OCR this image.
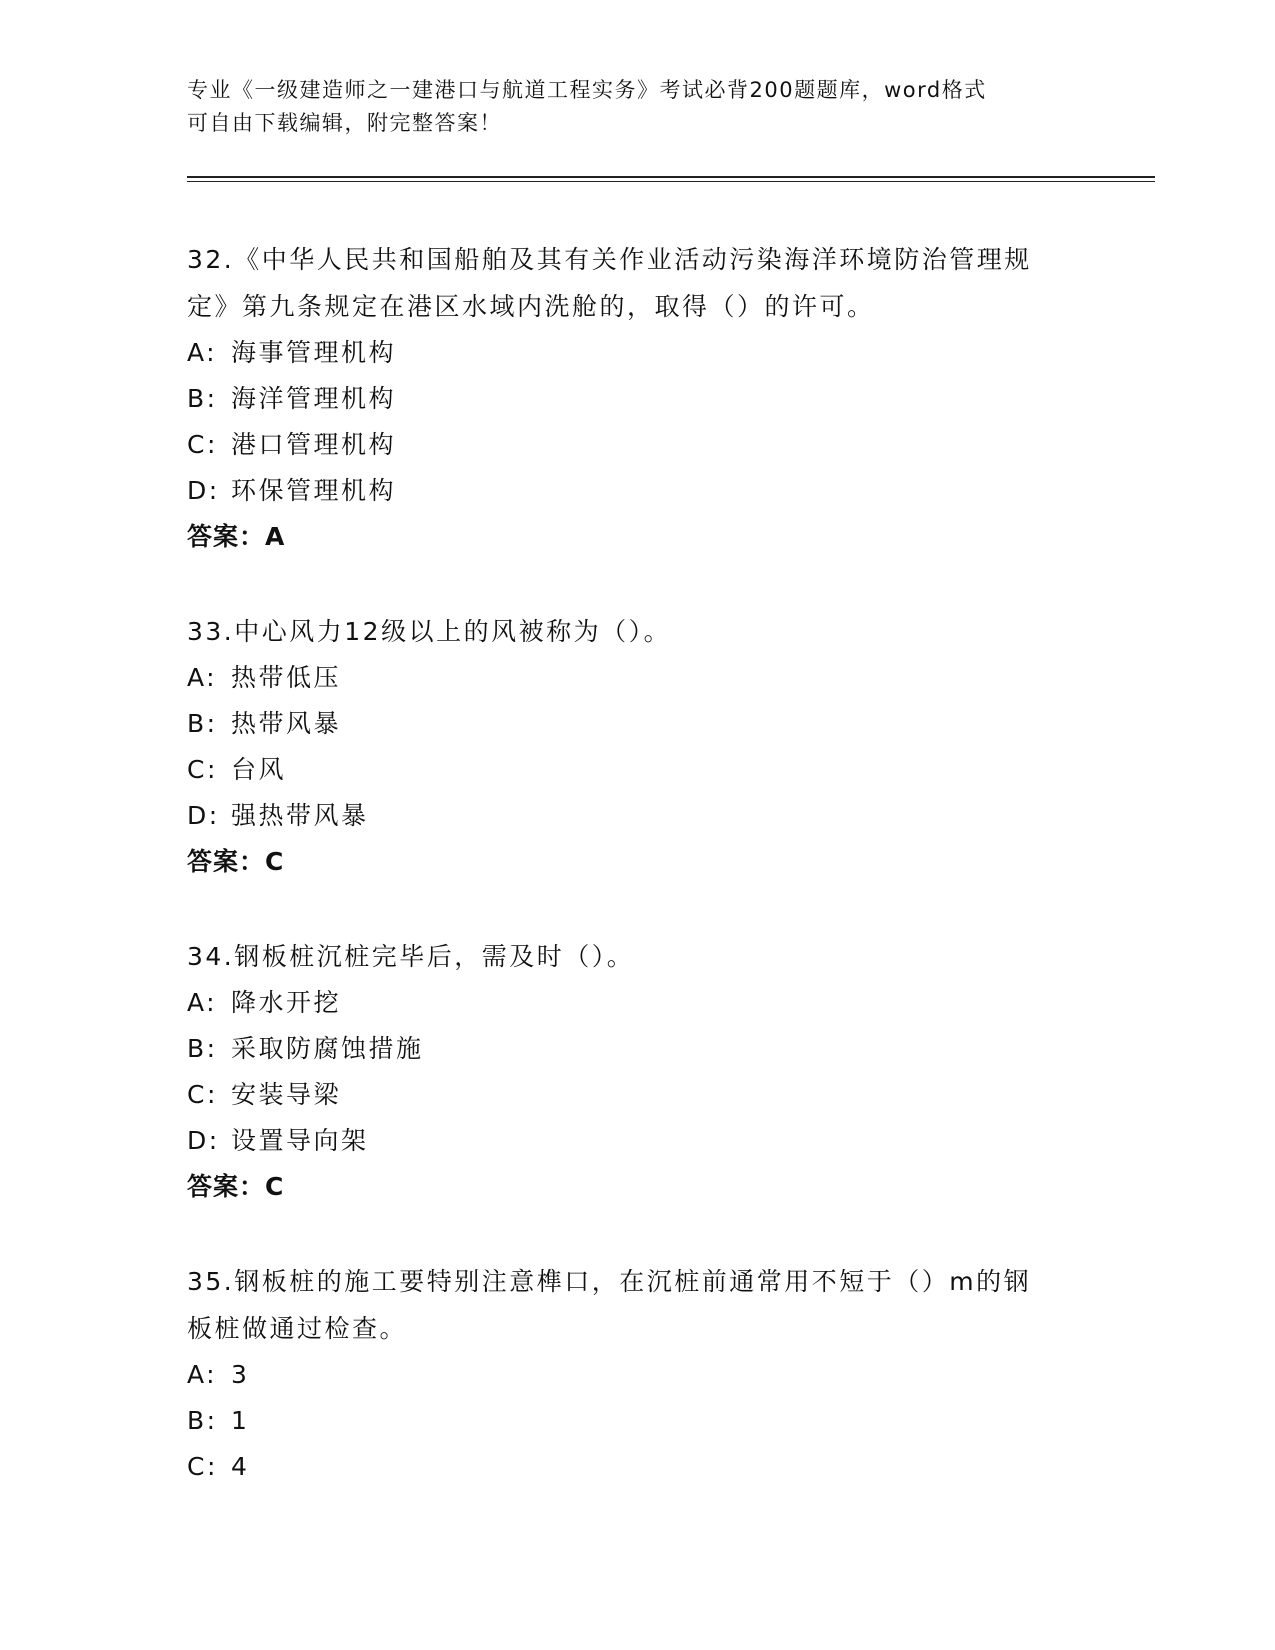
专业《一级建造师之一建港口与航道工程实务》考试必背200题题库，word格式
可自由下载编辑，附完整答案！

32.《中华人民共和国船舶及其有关作业活动污染海洋环境防治管理规
定》第九条规定在港区水域内洗舱的，取得（）的许可。

A: 海事管理机构

B: 海洋管理机构

C: 港口管理机构

D: 环保管理机构

答案：A

33.中心风力12级以上的风被称为（）。

A: 热带低压

B: 热带风暴

C: 台风

D: 强热带风暴

答案：C

34.钢板桩沉桩完毕后，需及时（）。

A: 降水开挖

B: 采取防腐蚀措施

C: 安装导梁

D: 设置导向架

答案：C

35.钢板桩的施工要特别注意榫口，在沉桩前通常用不短于（）m的钢
板桩做通过检查。

A: 3

B: 1

C: 4
